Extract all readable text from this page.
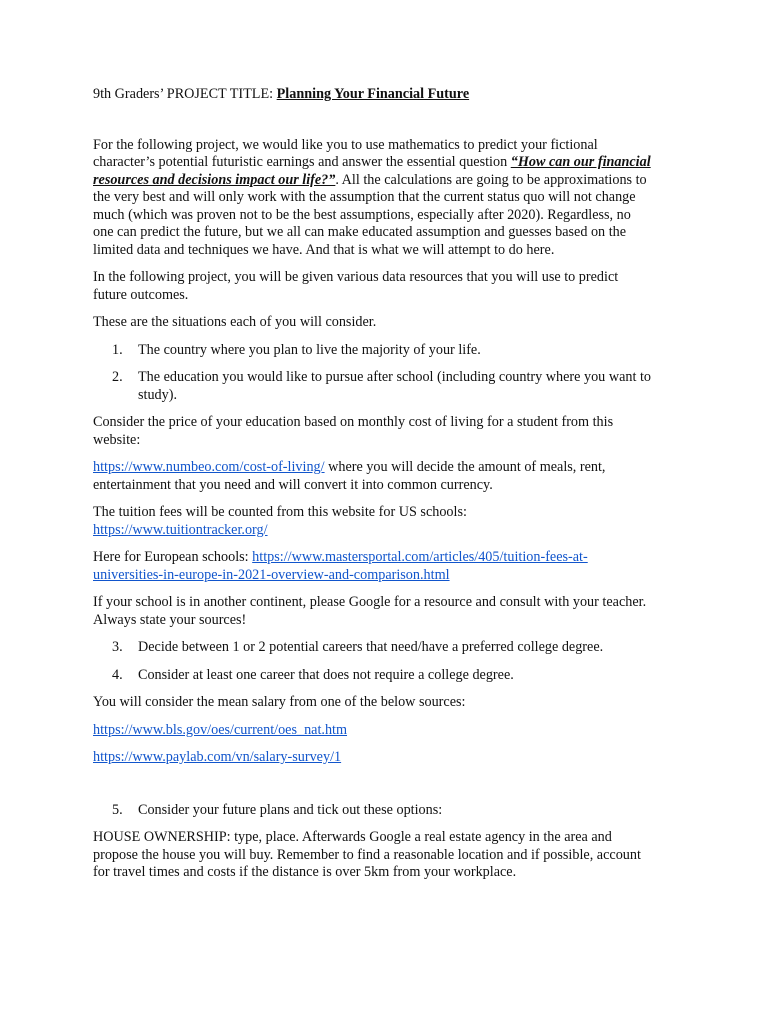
9th Graders’ PROJECT TITLE: Planning Your Financial Future

For the following project, we would like you to use mathematics to predict your fictional character’s potential futuristic earnings and answer the essential question “How can our financial resources and decisions impact our life?”. All the calculations are going to be approximations to the very best and will only work with the assumption that the current status quo will not change much (which was proven not to be the best assumptions, especially after 2020). Regardless, no one can predict the future, but we all can make educated assumption and guesses based on the limited data and techniques we have. And that is what we will attempt to do here.

In the following project, you will be given various data resources that you will use to predict future outcomes.

These are the situations each of you will consider.

1. The country where you plan to live the majority of your life.
2. The education you would like to pursue after school (including country where you want to study).

Consider the price of your education based on monthly cost of living for a student from this website:

https://www.numbeo.com/cost-of-living/ where you will decide the amount of meals, rent, entertainment that you need and will convert it into common currency.

The tuition fees will be counted from this website for US schools:
https://www.tuitiontracker.org/

Here for European schools: https://www.mastersportal.com/articles/405/tuition-fees-at-universities-in-europe-in-2021-overview-and-comparison.html

If your school is in another continent, please Google for a resource and consult with your teacher. Always state your sources!

3. Decide between 1 or 2 potential careers that need/have a preferred college degree.
4. Consider at least one career that does not require a college degree.

You will consider the mean salary from one of the below sources:

https://www.bls.gov/oes/current/oes_nat.htm

https://www.paylab.com/vn/salary-survey/1

5. Consider your future plans and tick out these options:

HOUSE OWNERSHIP: type, place. Afterwards Google a real estate agency in the area and propose the house you will buy. Remember to find a reasonable location and if possible, account for travel times and costs if the distance is over 5km from your workplace.
